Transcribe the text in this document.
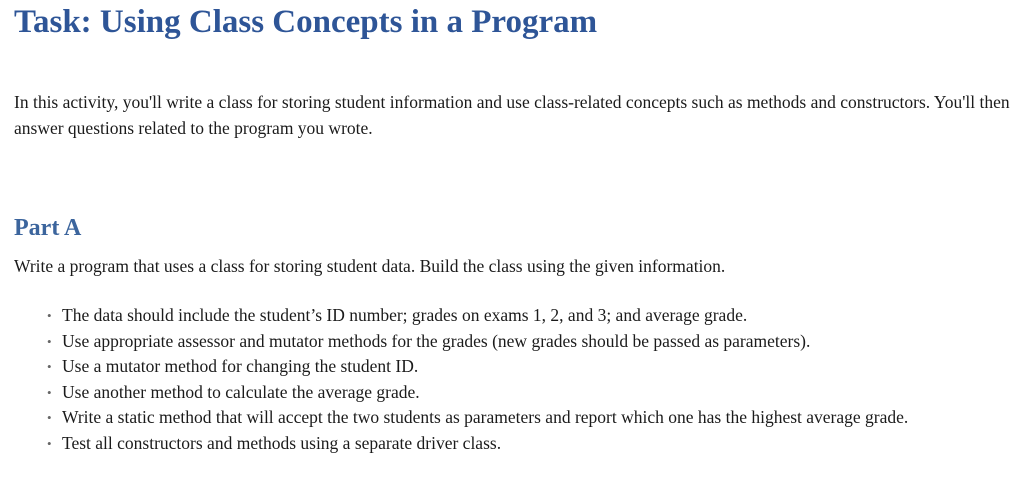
Task: Using Class Concepts in a Program

In this activity, you'll write a class for storing student information and use class-related concepts such as methods and constructors. You'll then answer questions related to the program you wrote.

Part A

Write a program that uses a class for storing student data. Build the class using the given information.

• The data should include the student’s ID number; grades on exams 1, 2, and 3; and average grade.
• Use appropriate assessor and mutator methods for the grades (new grades should be passed as parameters).
• Use a mutator method for changing the student ID.
• Use another method to calculate the average grade.
• Write a static method that will accept the two students as parameters and report which one has the highest average grade.
• Test all constructors and methods using a separate driver class.
